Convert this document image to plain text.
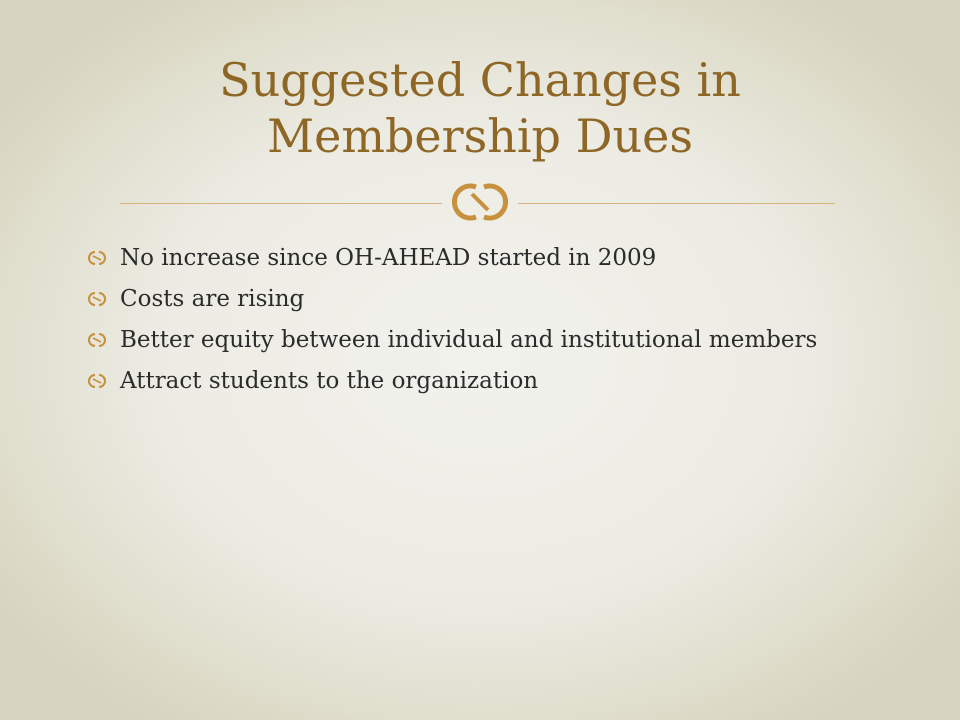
Suggested Changes in Membership Dues
No increase since OH-AHEAD started in 2009
Costs are rising
Better equity between individual and institutional members
Attract students to the organization
